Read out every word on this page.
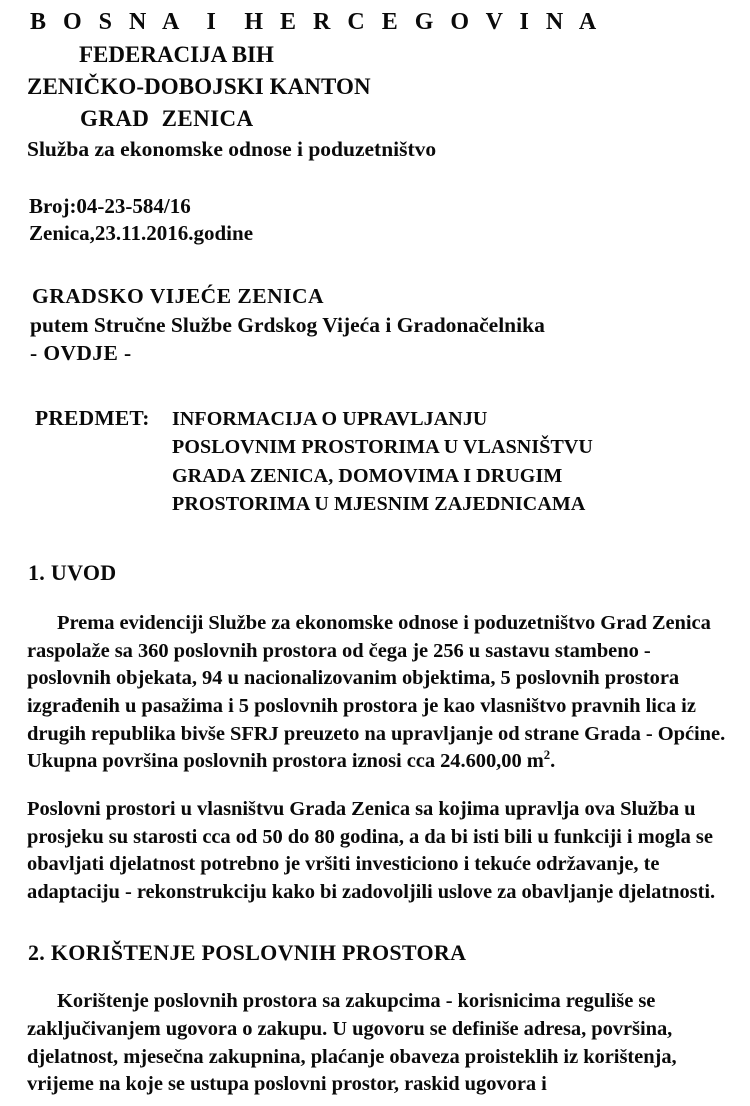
B O S N A  I  H E R C E G O V I N A
FEDERACIJA BIH
ZENIČKO-DOBOJSKI KANTON
GRAD  ZENICA
Služba za ekonomske odnose i poduzetništvo
Broj:04-23-584/16
Zenica,23.11.2016.godine
GRADSKO VIJEĆE ZENICA
putem Stručne Službe Grdskog Vijeća i Gradonačelnika
- OVDJE -
PREDMET:	INFORMACIJA O UPRAVLJANJU
POSLOVNIM PROSTORIMA U VLASNIŠTVU
GRADA ZENICA, DOMOVIMA I DRUGIM
PROSTORIMA U MJESNIM ZAJEDNICAMA
1. UVOD

Prema evidenciji Službe za ekonomske odnose i poduzetništvo Grad Zenica raspolaže sa 360 poslovnih prostora od čega je 256 u sastavu stambeno - poslovnih objekata, 94 u nacionalizovanim objektima, 5 poslovnih prostora izgrađenih u pasažima i 5 poslovnih prostora je kao vlasništvo pravnih lica iz drugih republika bivše SFRJ preuzeto na upravljanje od strane Grada - Općine. Ukupna površina poslovnih prostora iznosi cca 24.600,00 $m^2$.

Poslovni prostori u vlasništvu Grada Zenica sa kojima upravlja ova Služba u prosjeku su starosti cca od 50 do 80 godina, a da bi isti bili u funkciji i mogla se obavljati djelatnost potrebno je vršiti investiciono i tekuće održavanje, te adaptaciju - rekonstrukciju kako bi zadovoljili uslove za obavljanje djelatnosti.

2. KORIŠTENJE POSLOVNIH PROSTORA

Korištenje poslovnih prostora sa zakupcima - korisnicima reguliše se zaključivanjem ugovora o zakupu. U ugovoru se definiše adresa, površina, djelatnost, mjesečna zakupnina, plaćanje obaveza proisteklih iz korištenja, vrijeme na koje se ustupa poslovni prostor, raskid ugovora i
